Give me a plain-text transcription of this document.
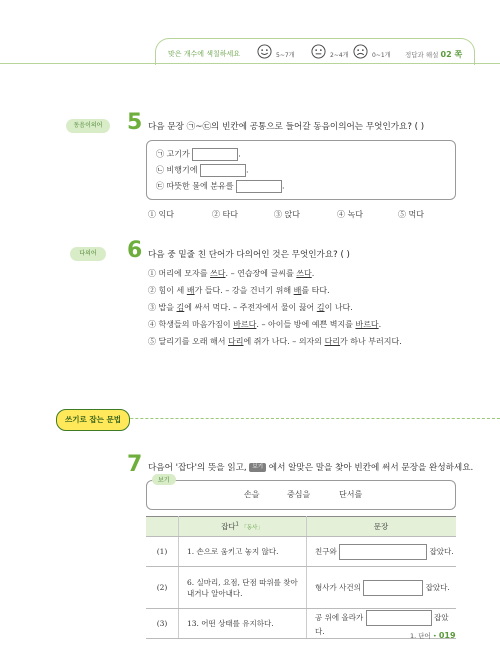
맞은 개수에 색칠하세요	5~7개	2~4개	0~1개 정답과 해설 02 쪽
동음이의어	5 다음 문장 ㉠~㉢의 빈칸에 공통으로 들어갈 동음이의어는 무엇인가요? ( )
㉠ 고기가	.
㉡ 비행기에	.
㉢ 따뜻한 물에 분유를	.
① 익다	② 타다	③ 앉다	④ 녹다	⑤ 먹다
다의어	6 다음 중 밑줄 친 단어가 다의어인 것은 무엇인가요? ( )
① 머리에 모자를 쓰다. – 연습장에 글씨를 쓰다.
② 힘이 세 배가 들다. – 강을 건너기 위해 배를 타다.
③ 밥을 김에 싸서 먹다. – 주전자에서 물이 끓어 김이 나다.
④ 학생들의 마음가짐이 바르다. – 아이들 방에 예쁜 벽지를 바르다.
⑤ 달리기를 오래 해서 다리에 쥐가 나다. – 의자의 다리가 하나 부러지다.
쓰기로 잡는 문법
7 다음어 '잡다'의 뜻을 읽고, 보기 에서 알맞은 말을 찾아 빈칸에 써서 문장을 완성하세요.
보기
손을	중심을	단서를
	잡다$^1$ 「동사」	문장
(1)	1. 손으로 움키고 놓지 않다.	친구와 잡았다.
(2)	6. 실마리, 요점, 단점 따위를 찾아내거나 알아내다.	형사가 사건의 잡았다.
(3)	13. 어떤 상태를 유지하다.	공 위에 올라가 잡았다.	1. 단어 • 019
